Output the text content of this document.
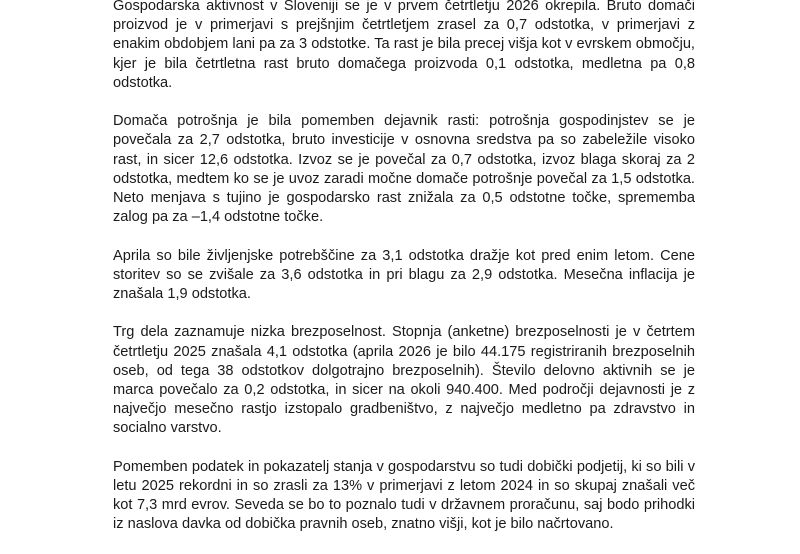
Gospodarska aktivnost v Sloveniji se je v prvem četrtletju 2026 okrepila. Bruto domači proizvod je v primerjavi s prejšnjim četrtletjem zrasel za 0,7 odstotka, v primerjavi z enakim obdobjem lani pa za 3 odstotke. Ta rast je bila precej višja kot v evrskem območju, kjer je bila četrtletna rast bruto domačega proizvoda 0,1 odstotka, medletna pa 0,8 odstotka.

Domača potrošnja je bila pomemben dejavnik rasti: potrošnja gospodinjstev se je povečala za 2,7 odstotka, bruto investicije v osnovna sredstva pa so zabeležile visoko rast, in sicer 12,6 odstotka. Izvoz se je povečal za 0,7 odstotka, izvoz blaga skoraj za 2 odstotka, medtem ko se je uvoz zaradi močne domače potrošnje povečal za 1,5 odstotka. Neto menjava s tujino je gospodarsko rast znižala za 0,5 odstotne točke, sprememba zalog pa za –1,4 odstotne točke.

Aprila so bile življenjske potrebščine za 3,1 odstotka dražje kot pred enim letom. Cene storitev so se zvišale za 3,6 odstotka in pri blagu za 2,9 odstotka. Mesečna inflacija je znašala 1,9 odstotka.

Trg dela zaznamuje nizka brezposelnost. Stopnja (anketne) brezposelnosti je v četrtem četrtletju 2025 znašala 4,1 odstotka (aprila 2026 je bilo 44.175 registriranih brezposelnih oseb, od tega 38 odstotkov dolgotrajno brezposelnih). Število delovno aktivnih se je marca povečalo za 0,2 odstotka, in sicer na okoli 940.400. Med področji dejavnosti je z največjo mesečno rastjo izstopalo gradbeništvo, z največjo medletno pa zdravstvo in socialno varstvo.

Pomemben podatek in pokazatelj stanja v gospodarstvu so tudi dobički podjetij, ki so bili v letu 2025 rekordni in so zrasli za 13% v primerjavi z letom 2024 in so skupaj znašali več kot 7,3 mrd evrov. Seveda se bo to poznalo tudi v državnem proračunu, saj bodo prihodki iz naslova davka od dobička pravnih oseb, znatno višji, kot je bilo načrtovano.
